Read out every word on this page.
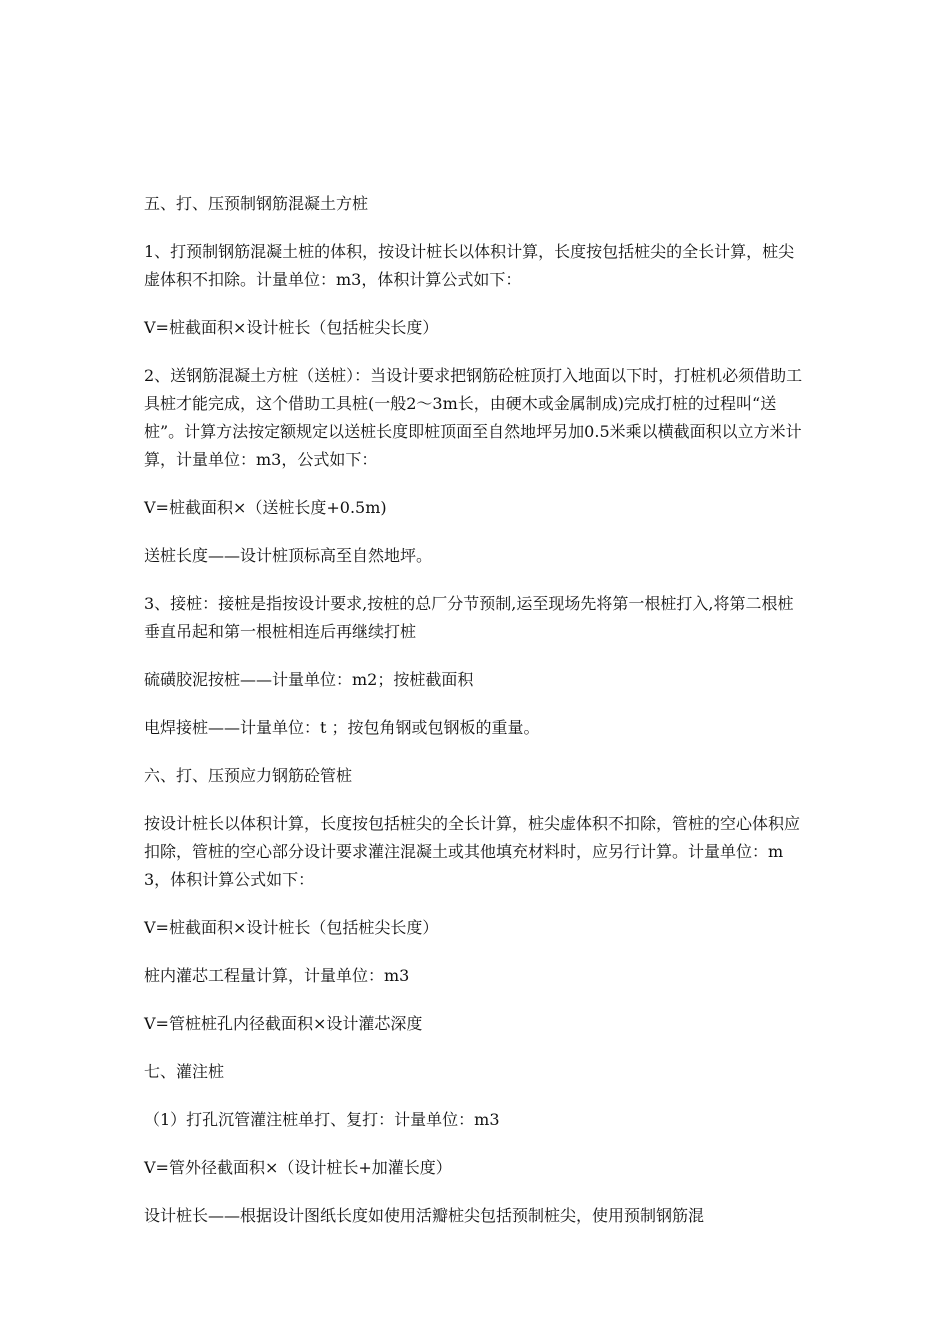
五、打、压预制钢筋混凝土方桩

1、打预制钢筋混凝土桩的体积，按设计桩长以体积计算，长度按包括桩尖的全长计算，桩尖虚体积不扣除。计量单位：m3，体积计算公式如下：

V=桩截面积×设计桩长（包括桩尖长度）

2、送钢筋混凝土方桩（送桩）：当设计要求把钢筋砼桩顶打入地面以下时，打桩机必须借助工具桩才能完成，这个借助工具桩(一般2～3m长，由硬木或金属制成)完成打桩的过程叫“送桩”。计算方法按定额规定以送桩长度即桩顶面至自然地坪另加0.5米乘以横截面积以立方米计算，计量单位：m3，公式如下：

V=桩截面积×（送桩长度+0.5m)

送桩长度——设计桩顶标高至自然地坪。

3、接桩：接桩是指按设计要求,按桩的总厂分节预制,运至现场先将第一根桩打入,将第二根桩垂直吊起和第一根桩相连后再继续打桩

硫磺胶泥按桩——计量单位：m2；按桩截面积

电焊接桩——计量单位：t ；按包角钢或包钢板的重量。

六、打、压预应力钢筋砼管桩

按设计桩长以体积计算，长度按包括桩尖的全长计算，桩尖虚体积不扣除，管桩的空心体积应扣除，管桩的空心部分设计要求灌注混凝土或其他填充材料时，应另行计算。计量单位：m3，体积计算公式如下：

V=桩截面积×设计桩长（包括桩尖长度）

桩内灌芯工程量计算，计量单位：m3

V=管桩桩孔内径截面积×设计灌芯深度

七、灌注桩

（1）打孔沉管灌注桩单打、复打：计量单位：m3

V=管外径截面积×（设计桩长+加灌长度）

设计桩长——根据设计图纸长度如使用活瓣桩尖包括预制桩尖，使用预制钢筋混
